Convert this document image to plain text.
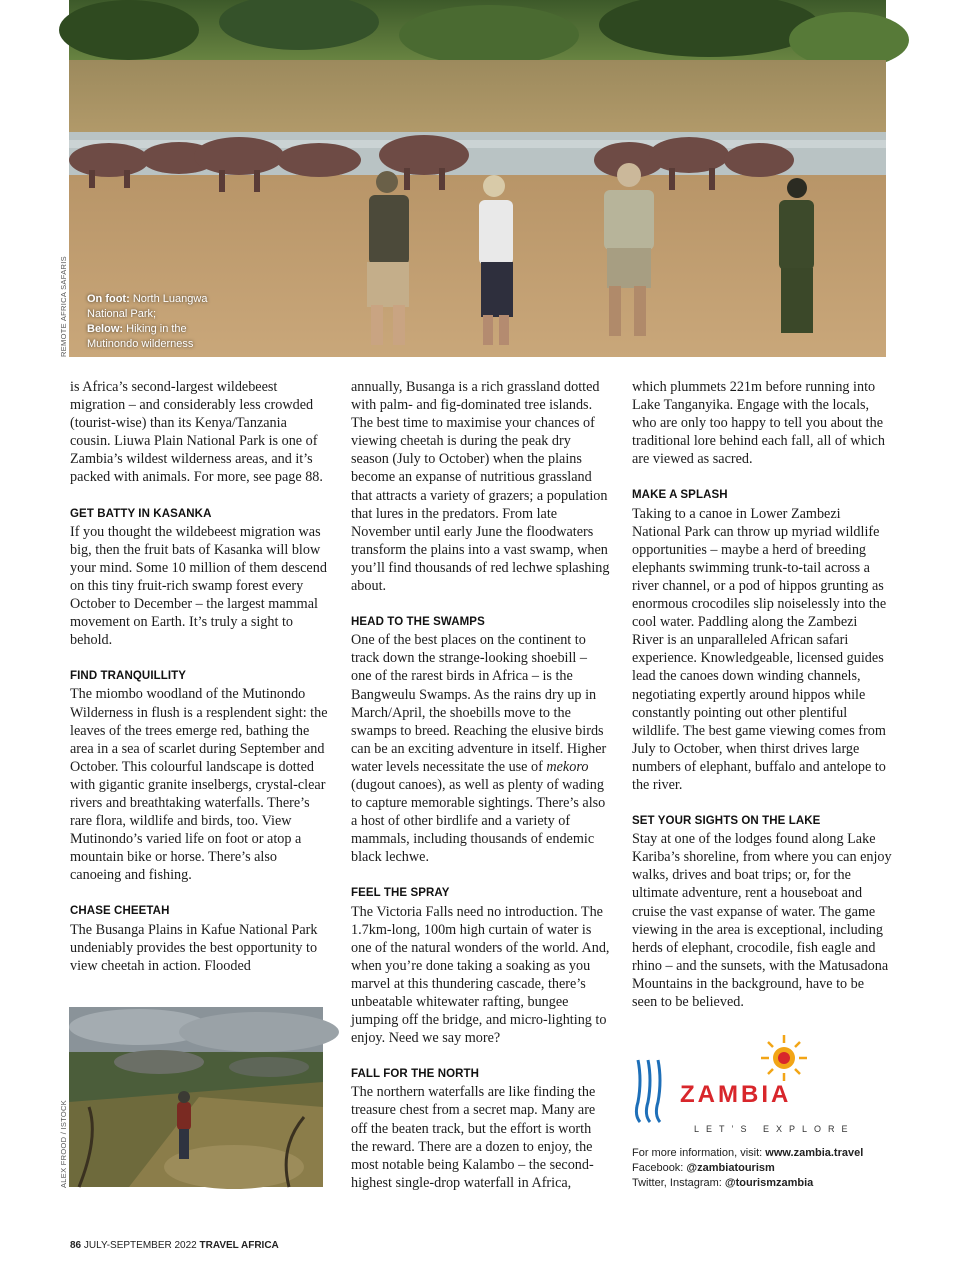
REMOTE AFRICA SAFARIS On foot: North Luangwa National Park;
Below: Hiking in the Mutinondo wilderness

is Africa’s second-largest wildebeest migration – and considerably less crowded (tourist-wise) than its Kenya/Tanzania cousin. Liuwa Plain National Park is one of Zambia’s wildest wilderness areas, and it’s packed with animals. For more, see page 88.

GET BATTY IN KASANKA

If you thought the wildebeest migration was big, then the fruit bats of Kasanka will blow your mind. Some 10 million of them descend on this tiny fruit-rich swamp forest every October to December – the largest mammal movement on Earth. It’s truly a sight to behold.

FIND TRANQUILLITY

The miombo woodland of the Mutinondo Wilderness in flush is a resplendent sight: the leaves of the trees emerge red, bathing the area in a sea of scarlet during September and October. This colourful landscape is dotted with gigantic granite inselbergs, crystal-clear rivers and breathtaking waterfalls. There’s rare flora, wildlife and birds, too. View Mutinondo’s varied life on foot or atop a mountain bike or horse. There’s also canoeing and fishing.

CHASE CHEETAH

The Busanga Plains in Kafue National Park undeniably provides the best opportunity to view cheetah in action. Flooded

ALEX FROOD / ISTOCK

annually, Busanga is a rich grassland dotted with palm- and fig-dominated tree islands. The best time to maximise your chances of viewing cheetah is during the peak dry season (July to October) when the plains become an expanse of nutritious grassland that attracts a variety of grazers; a population that lures in the predators. From late November until early June the floodwaters transform the plains into a vast swamp, when you’ll find thousands of red lechwe splashing about.

HEAD TO THE SWAMPS

One of the best places on the continent to track down the strange-looking shoebill – one of the rarest birds in Africa – is the Bangweulu Swamps. As the rains dry up in March/April, the shoebills move to the swamps to breed. Reaching the elusive birds can be an exciting adventure in itself. Higher water levels necessitate the use of mekoro (dugout canoes), as well as plenty of wading to capture memorable sightings. There’s also a host of other birdlife and a variety of mammals, including thousands of endemic black lechwe.

FEEL THE SPRAY

The Victoria Falls need no introduction. The 1.7km-long, 100m high curtain of water is one of the natural wonders of the world. And, when you’re done taking a soaking as you marvel at this thundering cascade, there’s unbeatable whitewater rafting, bungee jumping off the bridge, and micro-lighting to enjoy. Need we say more?

FALL FOR THE NORTH

The northern waterfalls are like finding the treasure chest from a secret map. Many are off the beaten track, but the effort is worth the reward. There are a dozen to enjoy, the most notable being Kalambo – the second-highest single-drop waterfall in Africa,

which plummets 221m before running into Lake Tanganyika. Engage with the locals, who are only too happy to tell you about the traditional lore behind each fall, all of which are viewed as sacred.

MAKE A SPLASH

Taking to a canoe in Lower Zambezi National Park can throw up myriad wildlife opportunities – maybe a herd of breeding elephants swimming trunk-to-tail across a river channel, or a pod of hippos grunting as enormous crocodiles slip noiselessly into the cool water. Paddling along the Zambezi River is an unparalleled African safari experience. Knowledgeable, licensed guides lead the canoes down winding channels, negotiating expertly around hippos while constantly pointing out other plentiful wildlife. The best game viewing comes from July to October, when thirst drives large numbers of elephant, buffalo and antelope to the river.

SET YOUR SIGHTS ON THE LAKE

Stay at one of the lodges found along Lake Kariba’s shoreline, from where you can enjoy walks, drives and boat trips; or, for the ultimate adventure, rent a houseboat and cruise the vast expanse of water. The game viewing in the area is exceptional, including herds of elephant, crocodile, fish eagle and rhino – and the sunsets, with the Matusadona Mountains in the background, have to be seen to be believed.

ZAMBIA
LET’S EXPLORE
For more information, visit: www.zambia.travel
Facebook: @zambiatourism
Twitter, Instagram: @tourismzambia
86 JULY-SEPTEMBER 2022 TRAVEL AFRICA
